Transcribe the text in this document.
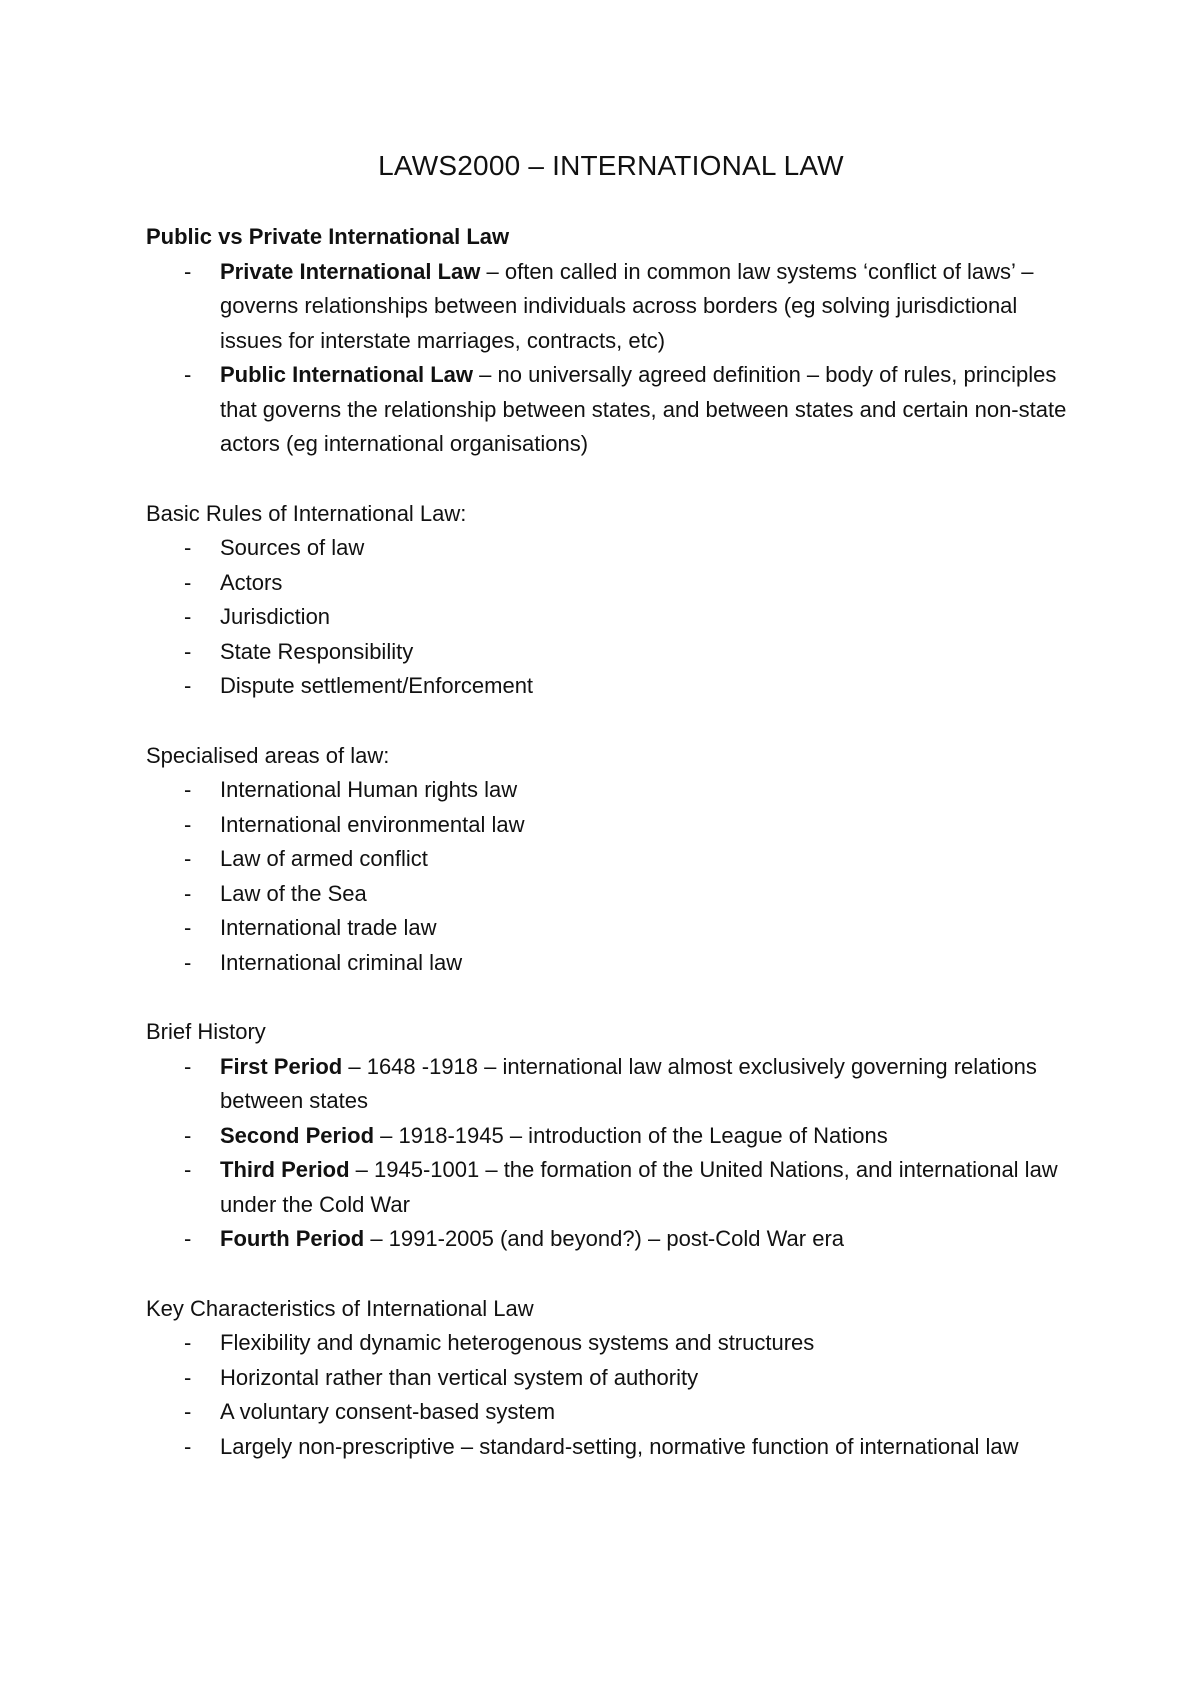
LAWS2000 – INTERNATIONAL LAW

Public vs Private International Law

- Private International Law – often called in common law systems ‘conflict of laws’ – governs relationships between individuals across borders (eg solving jurisdictional issues for interstate marriages, contracts, etc)
- Public International Law – no universally agreed definition – body of rules, principles that governs the relationship between states, and between states and certain non-state actors (eg international organisations)

Basic Rules of International Law:

- Sources of law
- Actors
- Jurisdiction
- State Responsibility
- Dispute settlement/Enforcement

Specialised areas of law:

- International Human rights law
- International environmental law
- Law of armed conflict
- Law of the Sea
- International trade law
- International criminal law

Brief History

- First Period – 1648 -1918 – international law almost exclusively governing relations between states
- Second Period – 1918-1945 – introduction of the League of Nations
- Third Period – 1945-1001 – the formation of the United Nations, and international law under the Cold War
- Fourth Period – 1991-2005 (and beyond?) – post-Cold War era

Key Characteristics of International Law

- Flexibility and dynamic heterogenous systems and structures
- Horizontal rather than vertical system of authority
- A voluntary consent-based system
- Largely non-prescriptive – standard-setting, normative function of international law
